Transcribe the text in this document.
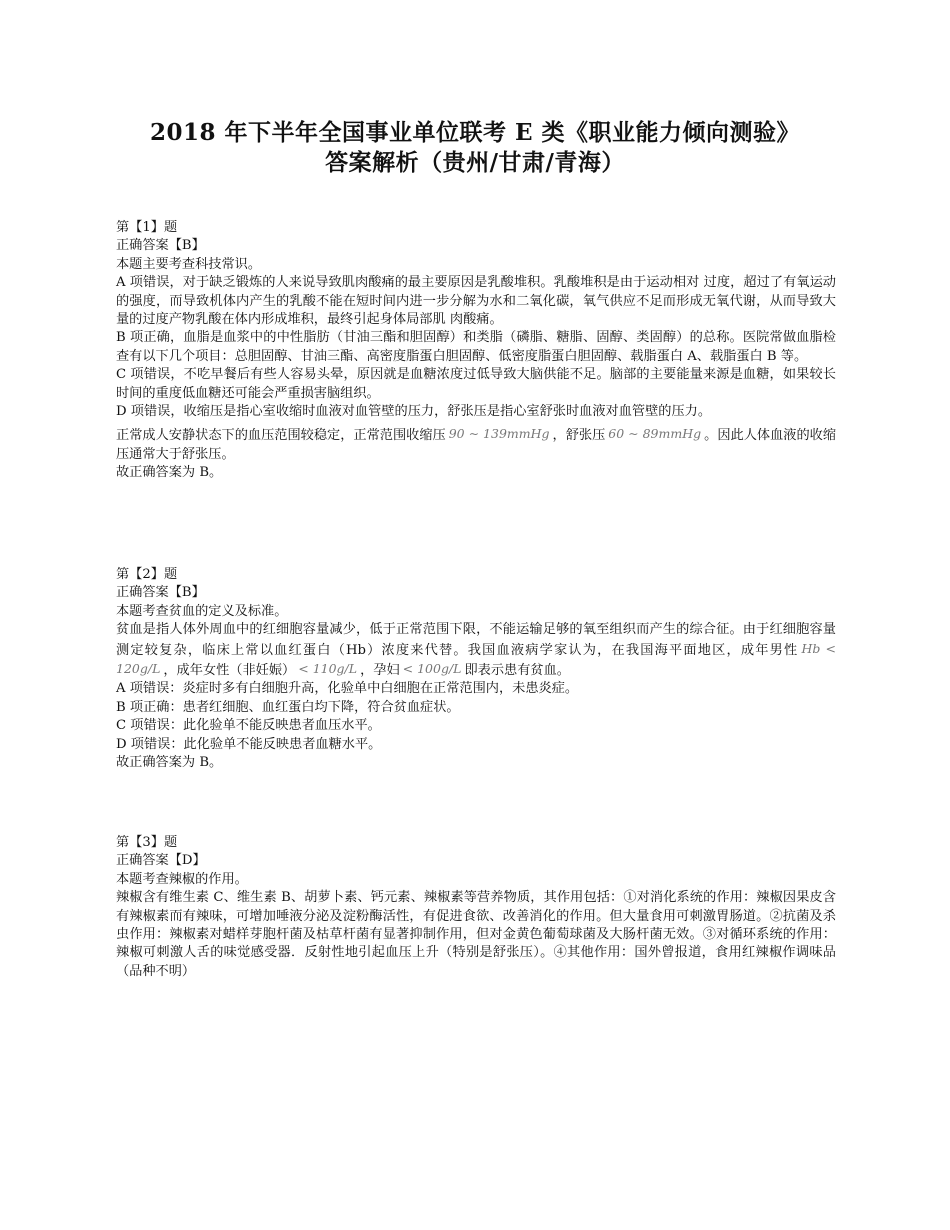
2018 年下半年全国事业单位联考 E 类《职业能力倾向测验》
答案解析（贵州/甘肃/青海）

第【1】题

正确答案【B】

本题主要考查科技常识。

A 项错误，对于缺乏锻炼的人来说导致肌肉酸痛的最主要原因是乳酸堆积。乳酸堆积是由于运动相对 过度，超过了有氧运动的强度，而导致机体内产生的乳酸不能在短时间内进一步分解为水和二氧化碳，氧气供应不足而形成无氧代谢，从而导致大量的过度产物乳酸在体内形成堆积，最终引起身体局部肌 肉酸痛。

B 项正确，血脂是血浆中的中性脂肪（甘油三酯和胆固醇）和类脂（磷脂、糖脂、固醇、类固醇）的总称。医院常做血脂检查有以下几个项目：总胆固醇、甘油三酯、高密度脂蛋白胆固醇、低密度脂蛋白胆固醇、载脂蛋白 A、载脂蛋白 B 等。

C 项错误，不吃早餐后有些人容易头晕，原因就是血糖浓度过低导致大脑供能不足。脑部的主要能量来源是血糖，如果较长时间的重度低血糖还可能会严重损害脑组织。

D 项错误，收缩压是指心室收缩时血液对血管壁的压力，舒张压是指心室舒张时血液对血管壁的压力。

正常成人安静状态下的血压范围较稳定，正常范围收缩压 90 ∼ 139mmHg ，舒张压 60 ∼ 89mmHg 。因此人体血液的收缩压通常大于舒张压。

故正确答案为 B。

第【2】题

正确答案【B】

本题考查贫血的定义及标准。

贫血是指人体外周血中的红细胞容量减少，低于正常范围下限，不能运输足够的氧至组织而产生的综合征。由于红细胞容量测定较复杂，临床上常以血红蛋白（Hb）浓度来代替。我国血液病学家认为，在我国海平面地区，成年男性 Hb < 120g/L ，成年女性（非妊娠） < 110g/L ，孕妇 < 100g/L 即表示患有贫血。

A 项错误：炎症时多有白细胞升高，化验单中白细胞在正常范围内，未患炎症。

B 项正确：患者红细胞、血红蛋白均下降，符合贫血症状。

C 项错误：此化验单不能反映患者血压水平。

D 项错误：此化验单不能反映患者血糖水平。

故正确答案为 B。

第【3】题

正确答案【D】

本题考查辣椒的作用。

辣椒含有维生素 C、维生素 B、胡萝卜素、钙元素、辣椒素等营养物质，其作用包括：①对消化系统的作用：辣椒因果皮含有辣椒素而有辣味，可增加唾液分泌及淀粉酶活性，有促进食欲、改善消化的作用。但大量食用可刺激胃肠道。②抗菌及杀虫作用：辣椒素对蜡样芽胞杆菌及枯草杆菌有显著抑制作用，但对金黄色葡萄球菌及大肠杆菌无效。③对循环系统的作用：辣椒可刺激人舌的味觉感受器．反射性地引起血压上升（特别是舒张压）。④其他作用：国外曾报道，食用红辣椒作调味品（品种不明）
